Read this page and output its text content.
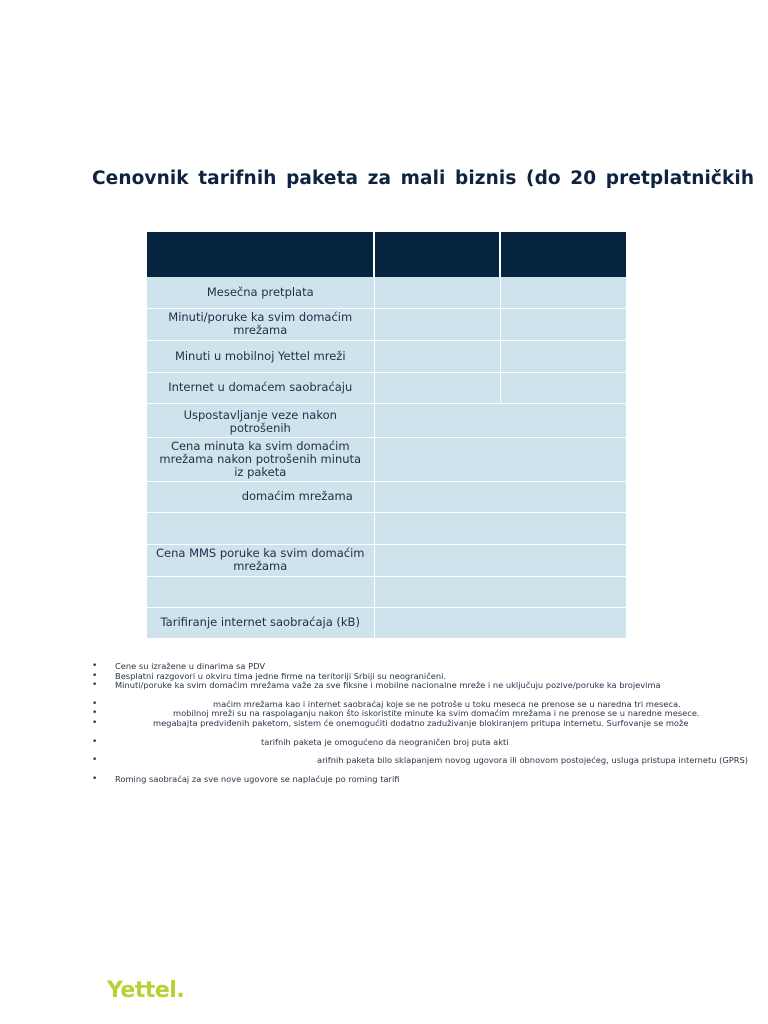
Cenovnik tarifnih paketa za mali biznis (do 20 pretplatničkih

Mesečna pretplata		
Minuti/poruke ka svim domaćim mrežama		
Minuti u mobilnoj Yettel mreži		
Internet u domaćem saobraćaju		
Uspostavljanje veze nakon potrošenih		
Cena minuta ka svim domaćim mrežama nakon potrošenih minuta iz paketa		
domaćim mrežama		

Cena MMS poruke ka svim domaćim mrežama		

Tarifiranje internet saobraćaja (kB)		
• Cene su izražene u dinarima sa PDV
• Besplatni razgovori u okviru tima jedne firme na teritoriji Srbiji su neograničeni.
• Minuti/poruke ka svim domaćim mrežama važe za sve fiksne i mobilne nacionalne mreže i ne uključuju pozive/poruke ka brojevima
•	maćim mrežama kao i internet saobraćaj koje se ne potroše u toku meseca ne prenose se u naredna tri meseca.
•	mobilnoj mreži su na raspolaganju nakon što iskoristite minute ka svim domaćim mrežama i ne prenose se u naredne mesece.
•	megabajta predviđenih paketom, sistem će onemogućiti dodatno zaduživanje blokiranjem pritupa internetu. Surfovanje se može
•	tarifnih paketa je omogućeno da neograničen broj puta akti
•	arifnih paketa bilo sklapanjem novog ugovora ili obnovom postojećeg, usluga pristupa internetu (GPRS)
• Roming saobraćaj za sve nove ugovore se naplaćuje po roming tarifi
Yettel.
